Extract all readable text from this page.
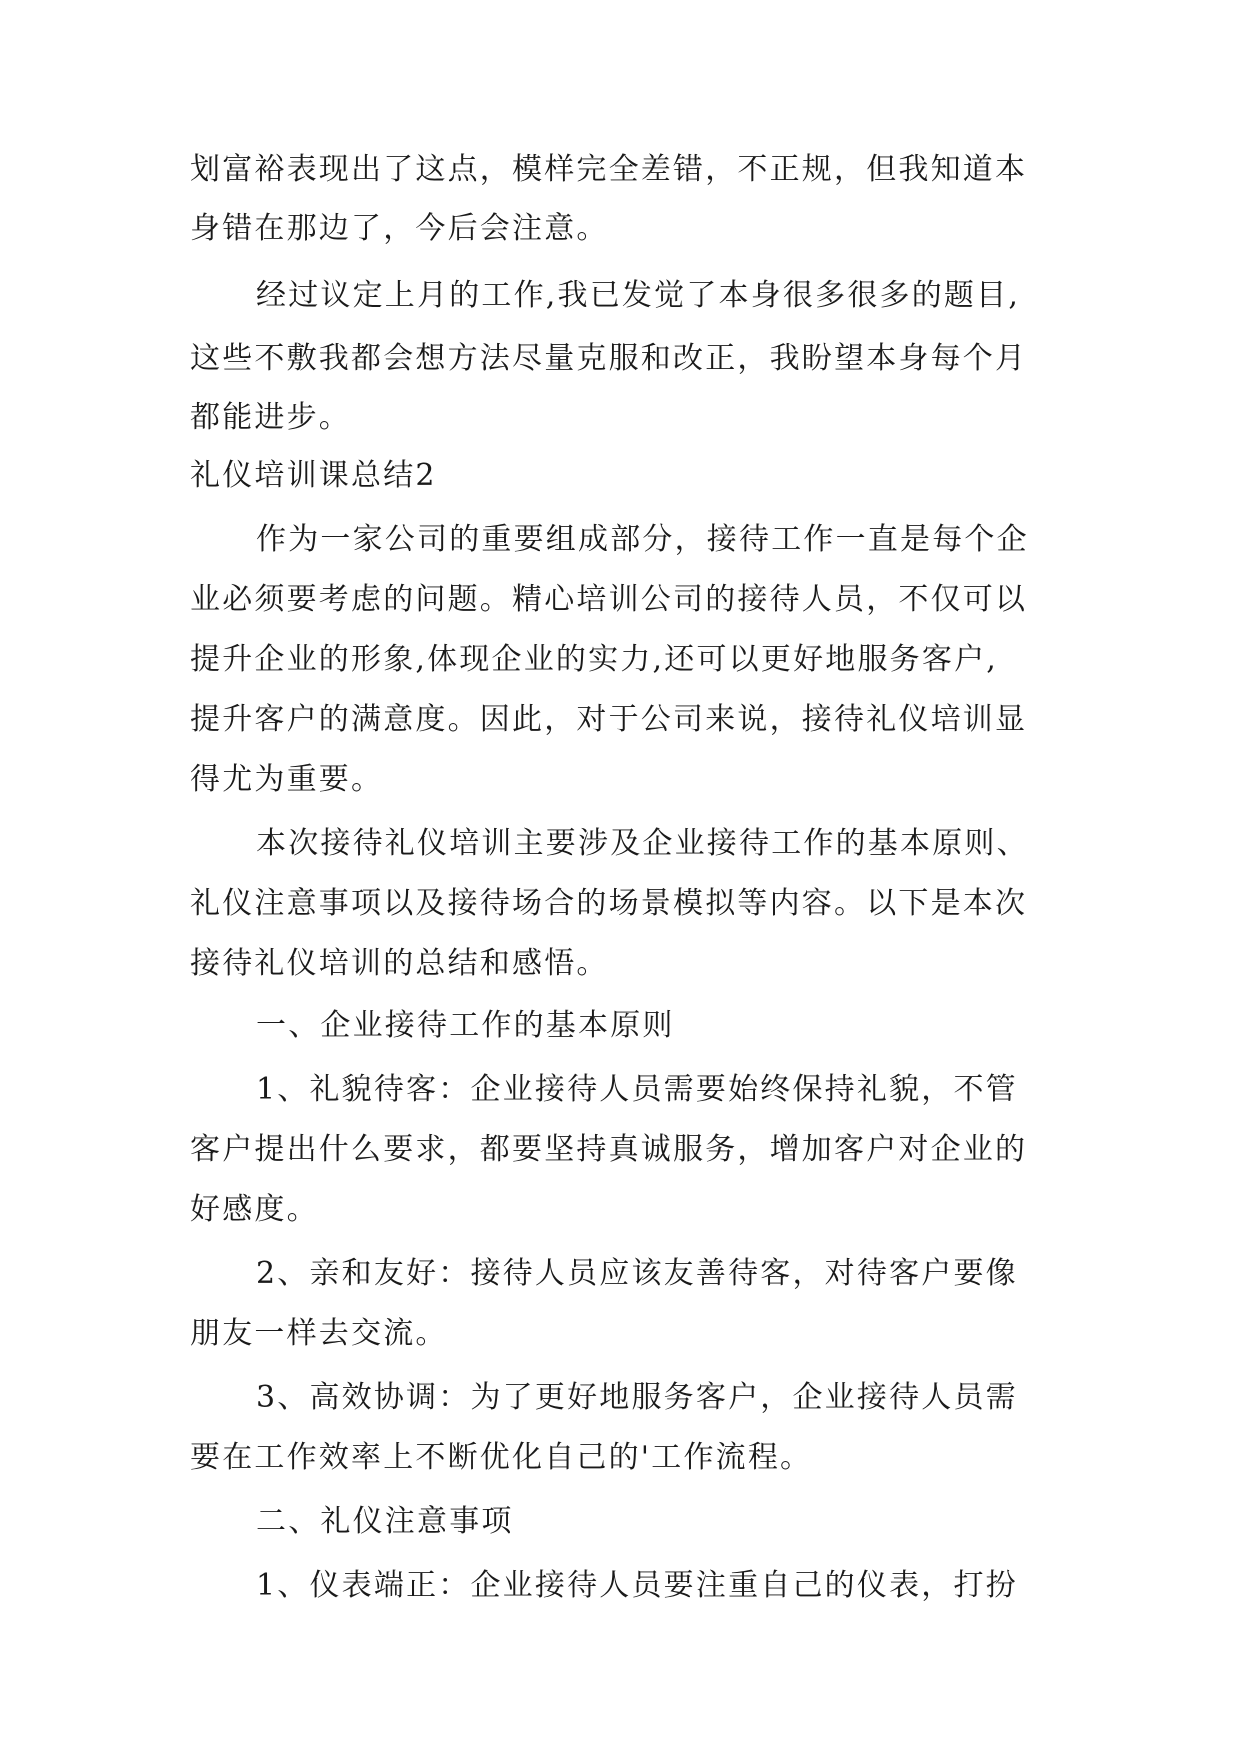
划富裕表现出了这点，模样完全差错，不正规，但我知道本
身错在那边了，今后会注意。
经过议定上月的工作,我已发觉了本身很多很多的题目,
这些不敷我都会想方法尽量克服和改正，我盼望本身每个月
都能进步。
礼仪培训课总结2
作为一家公司的重要组成部分，接待工作一直是每个企
业必须要考虑的问题。精心培训公司的接待人员，不仅可以
提升企业的形象,体现企业的实力,还可以更好地服务客户,
提升客户的满意度。因此，对于公司来说，接待礼仪培训显
得尤为重要。
本次接待礼仪培训主要涉及企业接待工作的基本原则、
礼仪注意事项以及接待场合的场景模拟等内容。以下是本次
接待礼仪培训的总结和感悟。
一、企业接待工作的基本原则
1、礼貌待客：企业接待人员需要始终保持礼貌，不管
客户提出什么要求，都要坚持真诚服务，增加客户对企业的
好感度。
2、亲和友好：接待人员应该友善待客，对待客户要像
朋友一样去交流。
3、高效协调：为了更好地服务客户，企业接待人员需
要在工作效率上不断优化自己的'工作流程。
二、礼仪注意事项
1、仪表端正：企业接待人员要注重自己的仪表，打扮
